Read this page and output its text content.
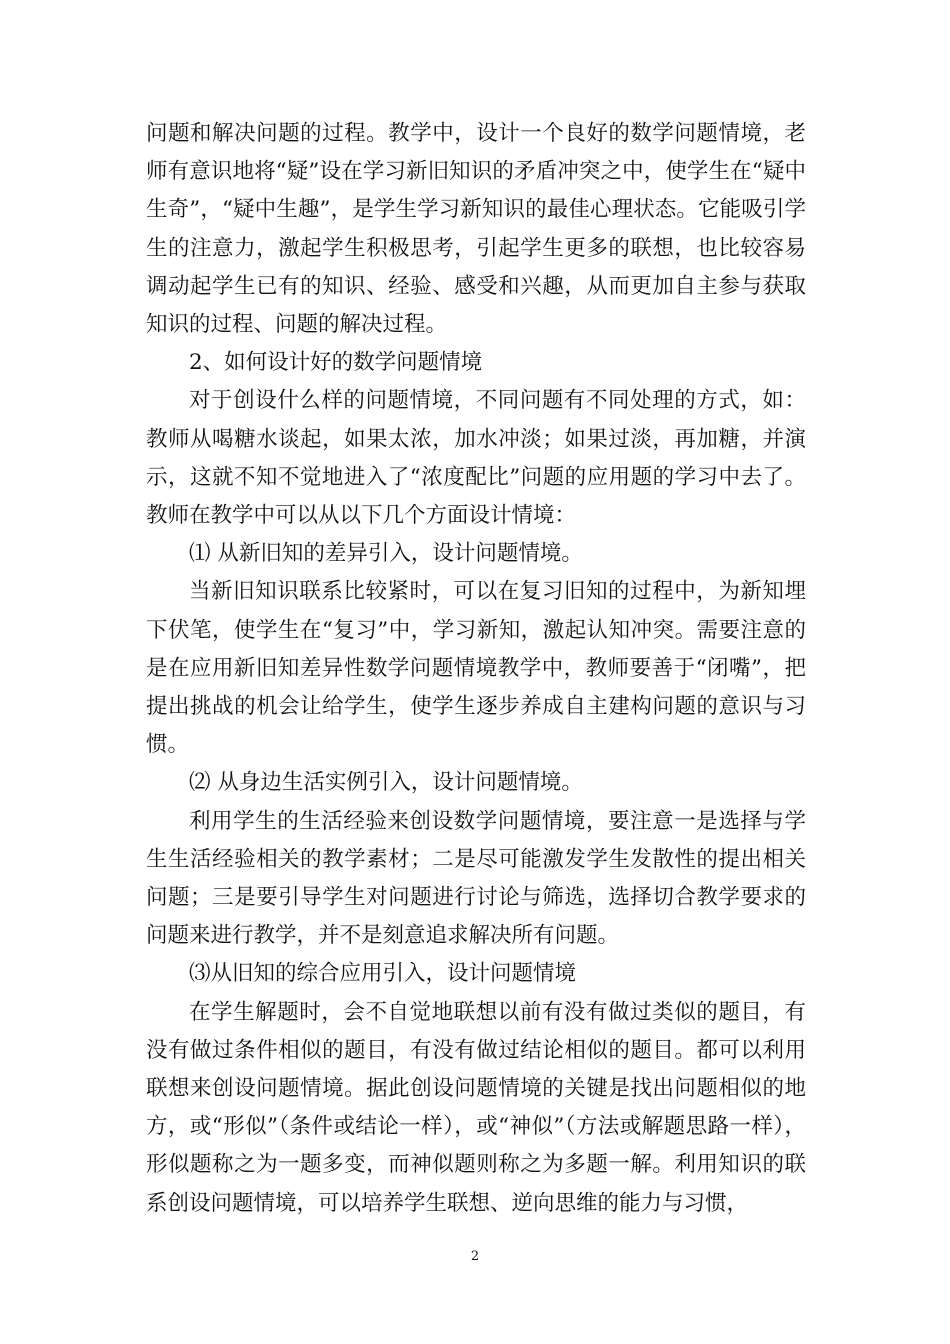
问题和解决问题的过程。教学中，设计一个良好的数学问题情境，老师有意识地将“疑”设在学习新旧知识的矛盾冲突之中，使学生在“疑中生奇”，“疑中生趣”，是学生学习新知识的最佳心理状态。它能吸引学生的注意力，激起学生积极思考，引起学生更多的联想，也比较容易调动起学生已有的知识、经验、感受和兴趣，从而更加自主参与获取知识的过程、问题的解决过程。

2、如何设计好的数学问题情境

对于创设什么样的问题情境，不同问题有不同处理的方式，如：教师从喝糖水谈起，如果太浓，加水冲淡；如果过淡，再加糖，并演示，这就不知不觉地进入了“浓度配比”问题的应用题的学习中去了。教师在教学中可以从以下几个方面设计情境：

⑴ 从新旧知的差异引入，设计问题情境。

当新旧知识联系比较紧时，可以在复习旧知的过程中，为新知埋下伏笔，使学生在“复习”中，学习新知，激起认知冲突。需要注意的是在应用新旧知差异性数学问题情境教学中，教师要善于“闭嘴”，把提出挑战的机会让给学生，使学生逐步养成自主建构问题的意识与习惯。

⑵ 从身边生活实例引入，设计问题情境。

利用学生的生活经验来创设数学问题情境，要注意一是选择与学生生活经验相关的教学素材；二是尽可能激发学生发散性的提出相关问题；三是要引导学生对问题进行讨论与筛选，选择切合教学要求的问题来进行教学，并不是刻意追求解决所有问题。

⑶从旧知的综合应用引入，设计问题情境

在学生解题时，会不自觉地联想以前有没有做过类似的题目，有没有做过条件相似的题目，有没有做过结论相似的题目。都可以利用联想来创设问题情境。据此创设问题情境的关键是找出问题相似的地方，或“形似”（条件或结论一样），或“神似”（方法或解题思路一样），形似题称之为一题多变，而神似题则称之为多题一解。利用知识的联系创设问题情境，可以培养学生联想、逆向思维的能力与习惯，

2
